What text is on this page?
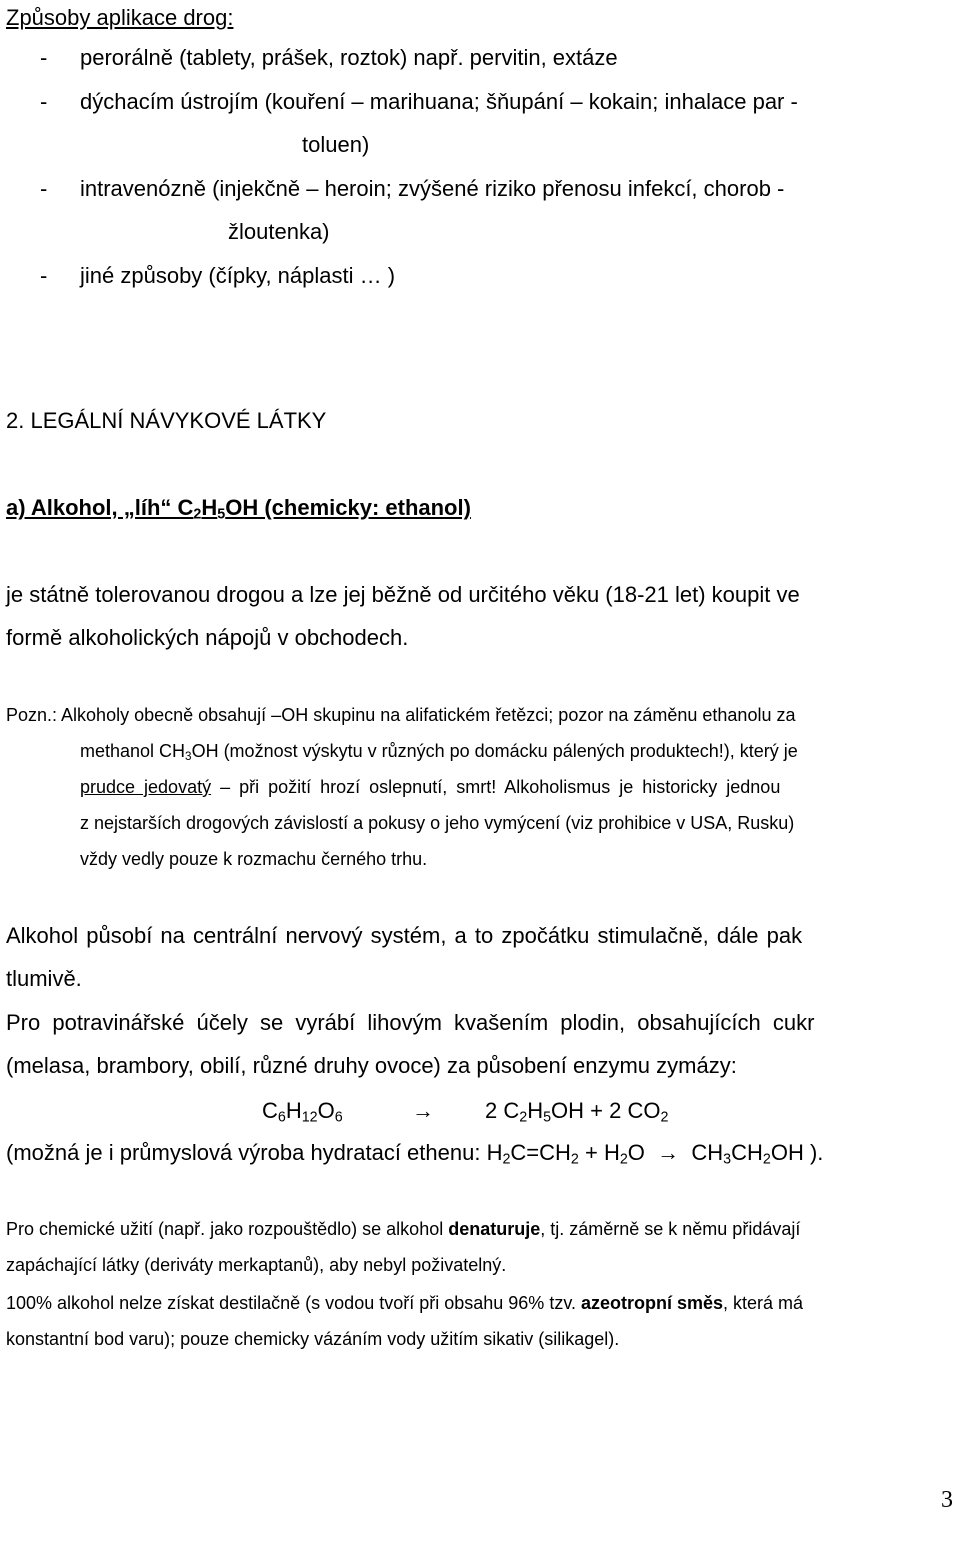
Způsoby aplikace drog:
- perorálně (tablety, prášek, roztok) např. pervitin, extáze
- dýchacím ústrojím (kouření – marihuana; šňupání – kokain; inhalace par -
toluen)
- intravenózně (injekčně – heroin; zvýšené riziko přenosu infekcí, chorob -
žloutenka)
- jiné způsoby (čípky, náplasti … )
2. LEGÁLNÍ NÁVYKOVÉ LÁTKY
a) Alkohol, „líh“ $C_2H_5OH$ (chemicky: ethanol)
je státně tolerovanou drogou a lze jej běžně od určitého věku (18-21 let) koupit ve
formě alkoholických nápojů v obchodech.
Pozn.: Alkoholy obecně obsahují –OH skupinu na alifatickém řetězci; pozor na záměnu ethanolu za
methanol $CH_3OH$ (možnost výskytu v různých po domácku pálených produktech!), který je
prudce jedovatý – při požití hrozí oslepnutí, smrt! Alkoholismus je historicky jednou
z nejstarších drogových závislostí a pokusy o jeho vymýcení (viz prohibice v USA, Rusku)
vždy vedly pouze k rozmachu černého trhu.
Alkohol působí na centrální nervový systém, a to zpočátku stimulačně, dále pak
tlumivě.
Pro potravinářské účely se vyrábí lihovým kvašením plodin, obsahujících cukr
(melasa, brambory, obilí, různé druhy ovoce) za působení enzymu zymázy:
$C_6H_{12}O_6$	→ 2 $C_2H_5OH + 2$ $CO_2$
(možná je i průmyslová výroba hydratací ethenu: $H_2C=CH_2 + H_2O \to CH_3CH_2OH$ ).
Pro chemické užití (např. jako rozpouštědlo) se alkohol denaturuje, tj. záměrně se k němu přidávají
zapáchající látky (deriváty merkaptanů), aby nebyl poživatelný.
100% alkohol nelze získat destilačně (s vodou tvoří při obsahu 96% tzv. azeotropní směs, která má
konstantní bod varu); pouze chemicky vázáním vody užitím sikativ (silikagel).
3
